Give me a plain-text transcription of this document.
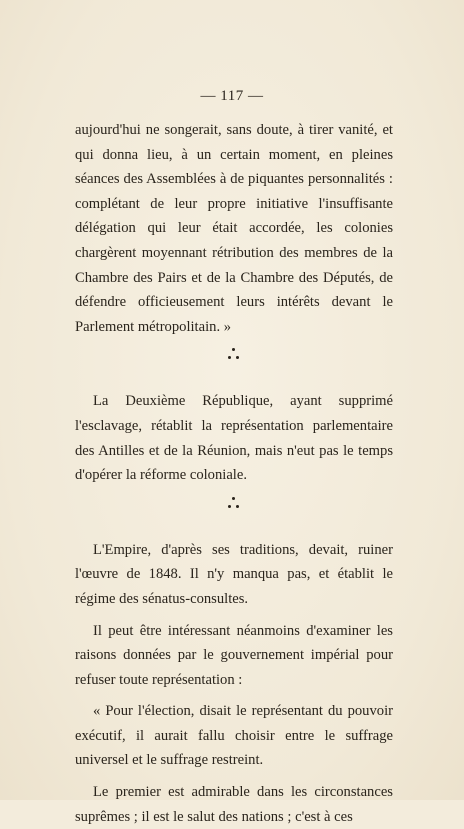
— 117 —

aujourd'hui ne songerait, sans doute, à tirer vanité, et qui donna lieu, à un certain moment, en pleines séances des Assemblées à de piquantes personnalités : complétant de leur propre initiative l'insuffisante délégation qui leur était accordée, les colonies chargèrent moyennant rétribution des membres de la Chambre des Pairs et de la Chambre des Députés, de défendre officieusement leurs intérêts devant le Parlement métropolitain. »

La Deuxième République, ayant supprimé l'esclavage, rétablit la représentation parlementaire des Antilles et de la Réunion, mais n'eut pas le temps d'opérer la réforme coloniale.

L'Empire, d'après ses traditions, devait, ruiner l'œuvre de 1848. Il n'y manqua pas, et établit le régime des sénatus-consultes.

Il peut être intéressant néanmoins d'examiner les raisons données par le gouvernement impérial pour refuser toute représentation :

« Pour l'élection, disait le représentant du pouvoir exécutif, il aurait fallu choisir entre le suffrage universel et le suffrage restreint.

Le premier est admirable dans les circonstances suprêmes ; il est le salut des nations ; c'est à ces
